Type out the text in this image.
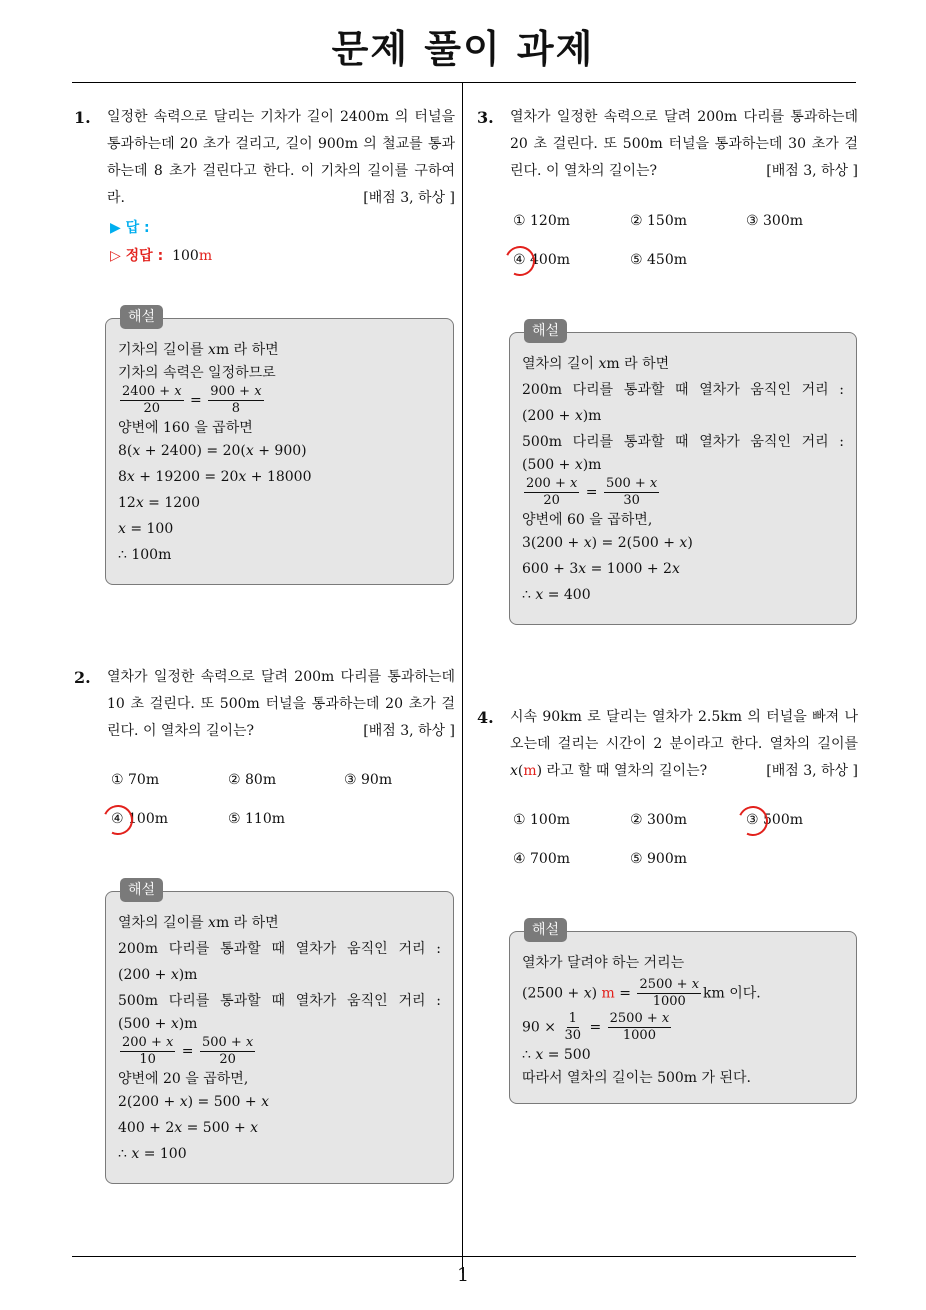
문제 풀이 과제
1
1. 일정한 속력으로 달리는 기차가 길이 2400m 의 터널을 통과하는데 20 초가 걸리고, 길이 900m 의 철교를 통과하는데 8 초가 걸린다고 한다. 이 기차의 길이를 구하여라.	[배점 3, 하상 ]
▶ 답 :
▷ 정답 : 100m
해설
기차의 길이를 𝑥m 라 하면
기차의 속력은 일정하므로
$\frac{\text{2400 + 𝑥}}{20} = \frac{\text{900 + 𝑥}}{8}$
양변에 160 을 곱하면
8(𝑥 + 2400) = 20(𝑥 + 900)
8𝑥 + 19200 = 20𝑥 + 18000
12𝑥 = 1200
𝑥 = 100
∴ 100m
2. 열차가 일정한 속력으로 달려 200m 다리를 통과하는데 10 초 걸린다. 또 500m 터널을 통과하는데 20 초가 걸린다. 이 열차의 길이는?	[배점 3, 하상 ]
① 70m	② 80m	③ 90m
④ 100m	⑤ 110m
해설
열차의 길이를 𝑥m 라 하면
200m 다리를 통과할 때 열차가 움직인 거리 :
(200 + 𝑥)m
500m 다리를 통과할 때 열차가 움직인 거리 :
(500 + 𝑥)m
$\frac{\text{200 + 𝑥}}{10} = \frac{\text{500 + 𝑥}}{20}$
양변에 20 을 곱하면,
2(200 + 𝑥) = 500 + 𝑥
400 + 2𝑥 = 500 + 𝑥
∴ 𝑥 = 100
3. 열차가 일정한 속력으로 달려 200m 다리를 통과하는데 20 초 걸린다. 또 500m 터널을 통과하는데 30 초가 걸린다. 이 열차의 길이는?	[배점 3, 하상 ]
① 120m	② 150m	③ 300m
④ 400m	⑤ 450m
해설
열차의 길이 𝑥m 라 하면
200m 다리를 통과할 때 열차가 움직인 거리 :
(200 + 𝑥)m
500m 다리를 통과할 때 열차가 움직인 거리 :
(500 + 𝑥)m
$\frac{\text{200 + 𝑥}}{20} = \frac{\text{500 + 𝑥}}{30}$
양변에 60 을 곱하면,
3(200 + 𝑥) = 2(500 + 𝑥)
600 + 3𝑥 = 1000 + 2𝑥
∴ 𝑥 = 400
4. 시속 90km 로 달리는 열차가 2.5km 의 터널을 빠져 나오는데 걸리는 시간이 2 분이라고 한다. 열차의 길이를 𝑥(m) 라고 할 때 열차의 길이는?	[배점 3, 하상 ]
① 100m	② 300m	③ 500m
④ 700m	⑤ 900m
해설
열차가 달려야 하는 거리는
(2500 + 𝑥) $m = \frac{\text{2500 + 𝑥}}{1000}$ km 이다.
$90 \times \frac{1}{30} = \frac{\text{2500 + 𝑥}}{1000}$
∴ 𝑥 = 500
따라서 열차의 길이는 500m 가 된다.
